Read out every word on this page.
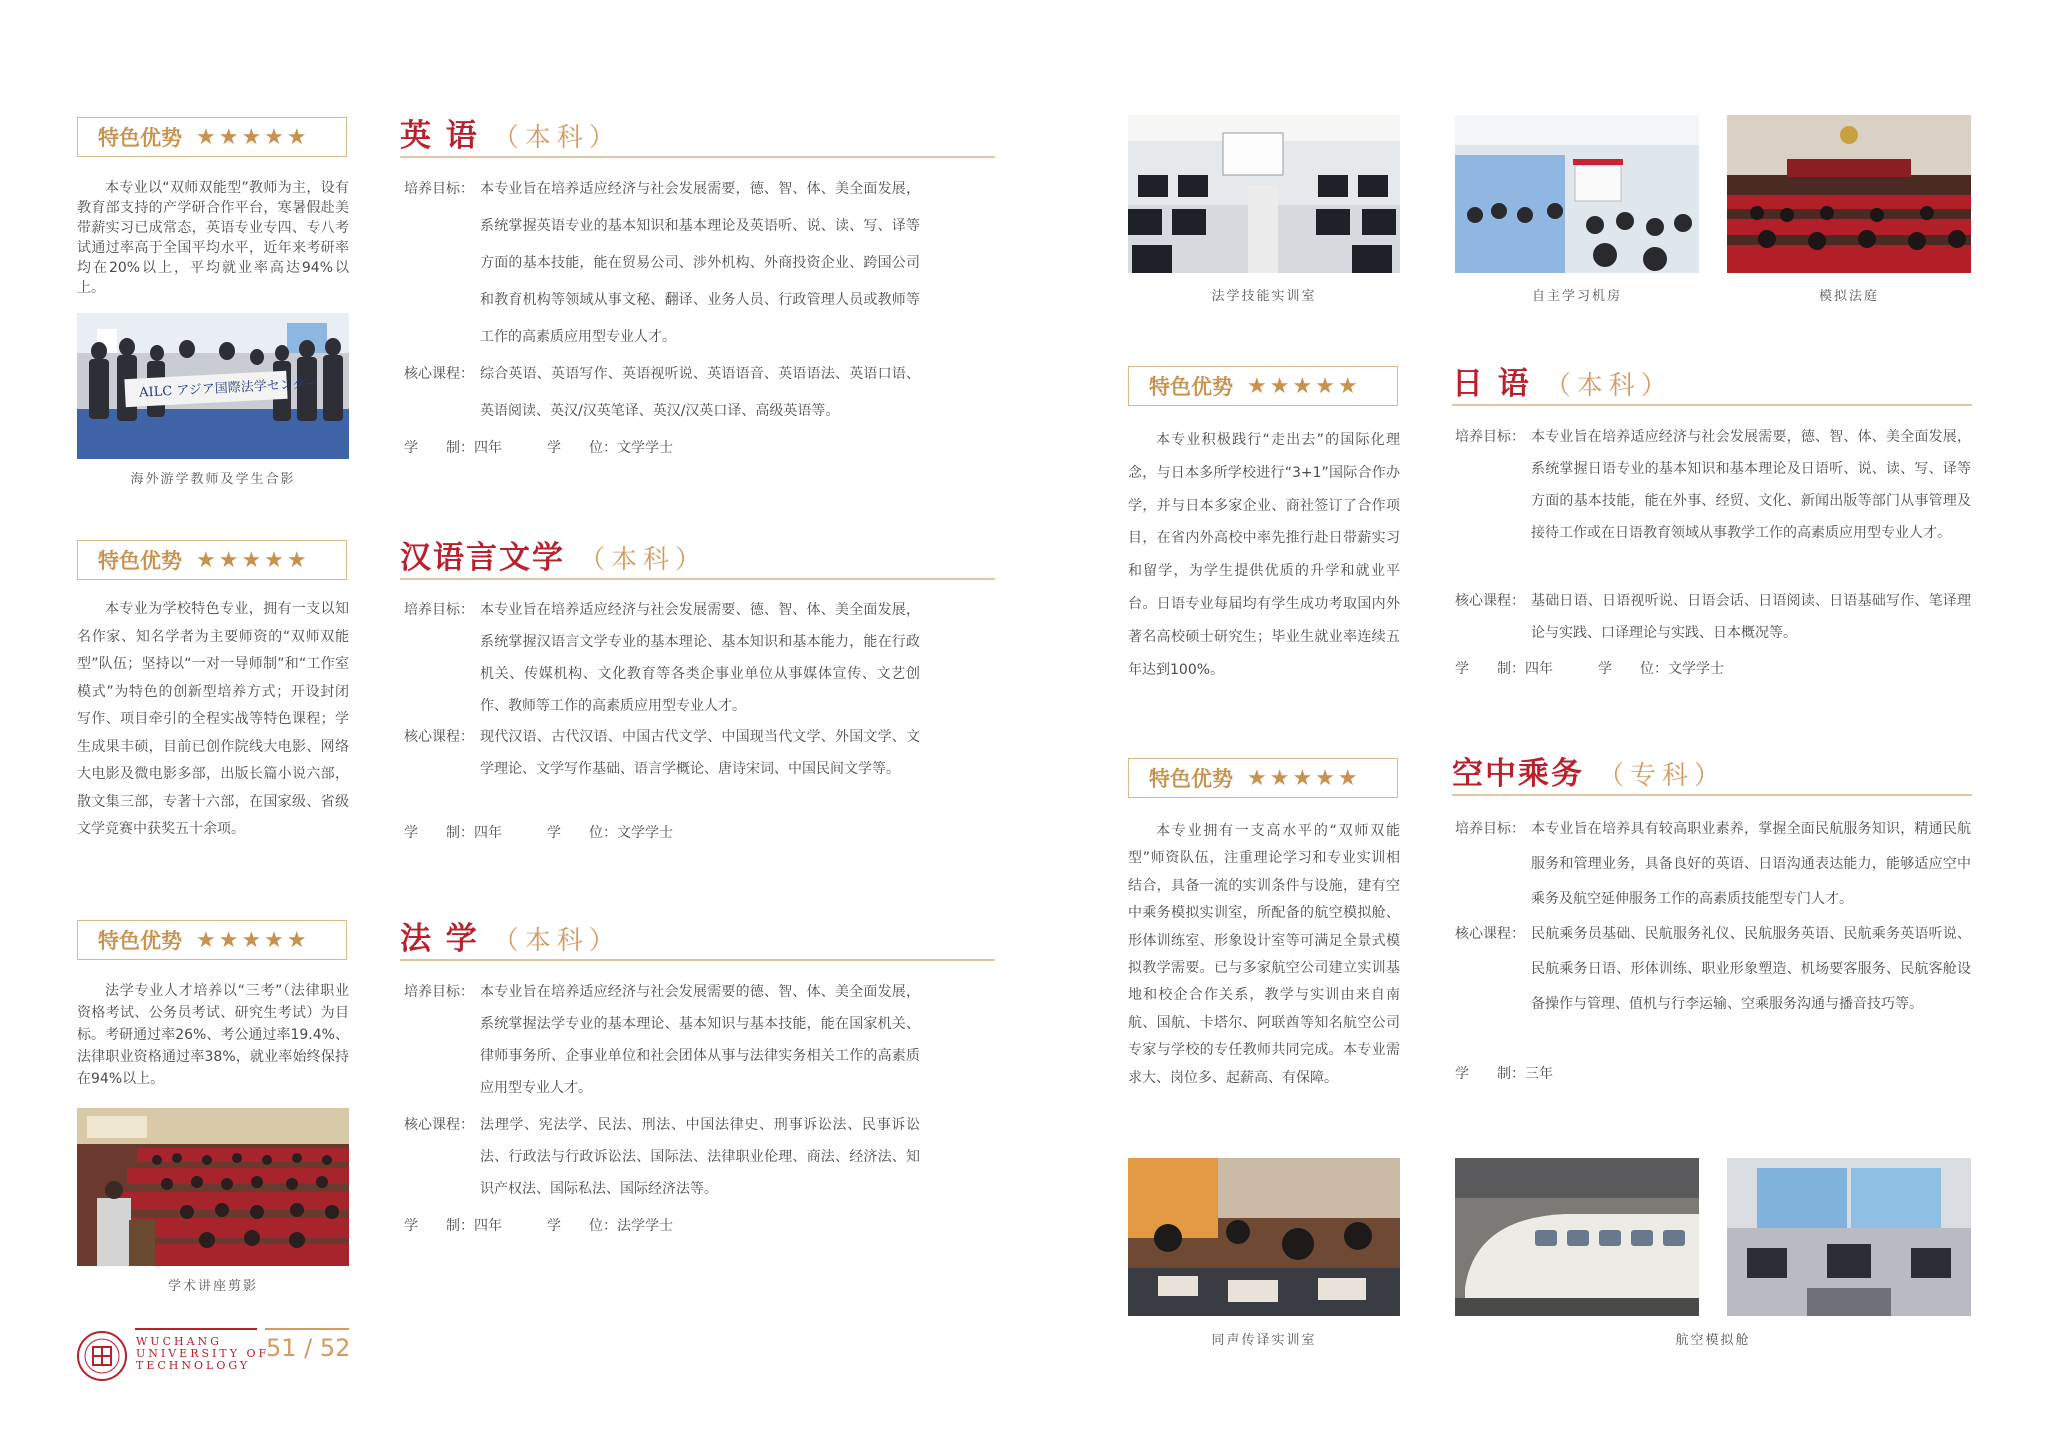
特色优势 ★★★★★
本专业以“双师双能型”教师为主，设有教育部支持的产学研合作平台，寒暑假赴美带薪实习已成常态，英语专业专四、专八考试通过率高于全国平均水平，近年来考研率均在20%以上，平均就业率高达94%以上。
AILC アジア国際法学センター
海外游学教师及学生合影
英 语 （本科）
培养目标： 本专业旨在培养适应经济与社会发展需要，德、智、体、美全面发展，系统掌握英语专业的基本知识和基本理论及英语听、说、读、写、译等方面的基本技能，能在贸易公司、涉外机构、外商投资企业、跨国公司和教育机构等领域从事文秘、翻译、业务人员、行政管理人员或教师等工作的高素质应用型专业人才。
核心课程： 综合英语、英语写作、英语视听说、英语语音、英语语法、英语口语、英语阅读、英汉/汉英笔译、英汉/汉英口译、高级英语等。
学　　制：四年	学　　位：文学学士
特色优势 ★★★★★
本专业为学校特色专业，拥有一支以知名作家、知名学者为主要师资的“双师双能型”队伍；坚持以“一对一导师制”和“工作室模式”为特色的创新型培养方式；开设封闭写作、项目牵引的全程实战等特色课程；学生成果丰硕，目前已创作院线大电影、网络大电影及微电影多部，出版长篇小说六部，散文集三部，专著十六部，在国家级、省级文学竞赛中获奖五十余项。
汉语言文学 （本科）
培养目标： 本专业旨在培养适应经济与社会发展需要、德、智、体、美全面发展，系统掌握汉语言文学专业的基本理论、基本知识和基本能力，能在行政机关、传媒机构、文化教育等各类企事业单位从事媒体宣传、文艺创作、教师等工作的高素质应用型专业人才。
核心课程： 现代汉语、古代汉语、中国古代文学、中国现当代文学、外国文学、文学理论、文学写作基础、语言学概论、唐诗宋词、中国民间文学等。
学　　制：四年	学　　位：文学学士
特色优势 ★★★★★
法学专业人才培养以“三考”（法律职业资格考试、公务员考试、研究生考试）为目标。考研通过率26%、考公通过率19.4%、法律职业资格通过率38%，就业率始终保持在94%以上。
学术讲座剪影
法 学 （本科）
培养目标： 本专业旨在培养适应经济与社会发展需要的德、智、体、美全面发展，系统掌握法学专业的基本理论、基本知识与基本技能，能在国家机关、律师事务所、企事业单位和社会团体从事与法律实务相关工作的高素质应用型专业人才。
核心课程： 法理学、宪法学、民法、刑法、中国法律史、刑事诉讼法、民事诉讼法、行政法与行政诉讼法、国际法、法律职业伦理、商法、经济法、知识产权法、国际私法、国际经济法等。
学　　制：四年	学　　位：法学学士
WUCHANG
UNIVERSITY OF
TECHNOLOGY
51 / 52
法学技能实训室	自主学习机房	模拟法庭
特色优势 ★★★★★
本专业积极践行“走出去”的国际化理念，与日本多所学校进行“3+1”国际合作办学，并与日本多家企业、商社签订了合作项目，在省内外高校中率先推行赴日带薪实习和留学，为学生提供优质的升学和就业平台。日语专业每届均有学生成功考取国内外著名高校硕士研究生；毕业生就业率连续五年达到100%。
日 语 （本科）
培养目标： 本专业旨在培养适应经济与社会发展需要，德、智、体、美全面发展，系统掌握日语专业的基本知识和基本理论及日语听、说、读、写、译等方面的基本技能，能在外事、经贸、文化、新闻出版等部门从事管理及接待工作或在日语教育领域从事教学工作的高素质应用型专业人才。
核心课程： 基础日语、日语视听说、日语会话、日语阅读、日语基础写作、笔译理论与实践、口译理论与实践、日本概况等。
学　　制：四年	学　　位：文学学士
特色优势 ★★★★★
本专业拥有一支高水平的“双师双能型”师资队伍，注重理论学习和专业实训相结合，具备一流的实训条件与设施，建有空中乘务模拟实训室，所配备的航空模拟舱、形体训练室、形象设计室等可满足全景式模拟教学需要。已与多家航空公司建立实训基地和校企合作关系，教学与实训由来自南航、国航、卡塔尔、阿联酋等知名航空公司专家与学校的专任教师共同完成。本专业需求大、岗位多、起薪高、有保障。
空中乘务 （专科）
培养目标： 本专业旨在培养具有较高职业素养，掌握全面民航服务知识，精通民航服务和管理业务，具备良好的英语、日语沟通表达能力，能够适应空中乘务及航空延伸服务工作的高素质技能型专门人才。
核心课程： 民航乘务员基础、民航服务礼仪、民航服务英语、民航乘务英语听说、民航乘务日语、形体训练、职业形象塑造、机场要客服务、民航客舱设备操作与管理、值机与行李运输、空乘服务沟通与播音技巧等。
学　　制：三年
同声传译实训室	航空模拟舱
